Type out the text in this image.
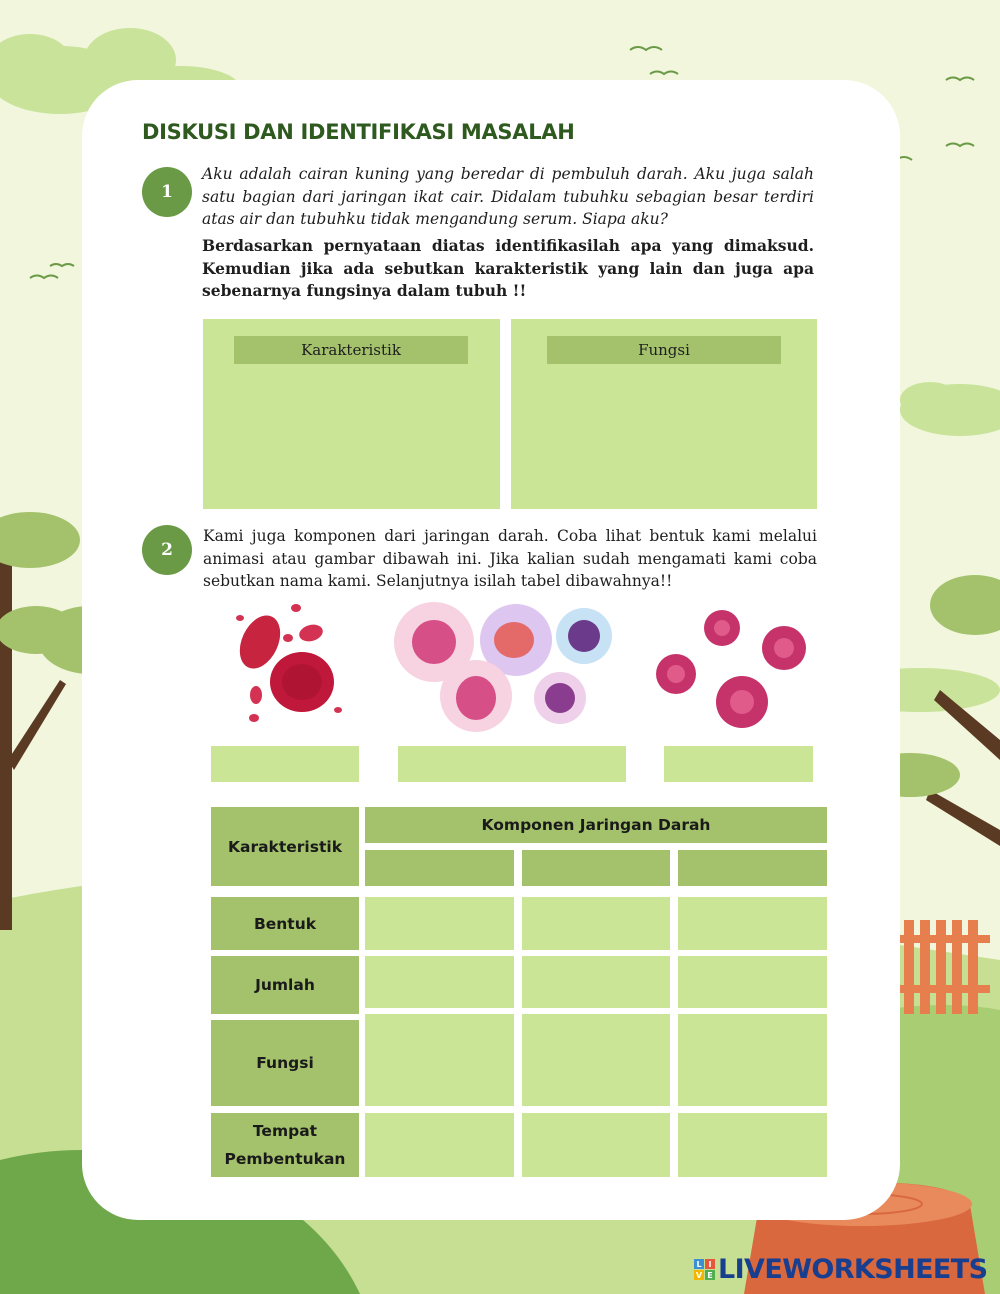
DISKUSI DAN IDENTIFIKASI MASALAH
1

Aku adalah cairan kuning yang beredar di pembuluh darah. Aku juga salah satu bagian dari jaringan ikat cair. Didalam tubuhku sebagian besar terdiri atas air dan tubuhku tidak mengandung serum. Siapa aku?

Berdasarkan pernyataan diatas identifikasilah apa yang dimaksud. Kemudian jika ada sebutkan karakteristik yang lain dan juga apa sebenarnya fungsinya dalam tubuh !!

Karakteristik	Fungsi
2

Kami juga komponen dari jaringan darah. Coba lihat bentuk kami melalui animasi atau gambar dibawah ini. Jika kalian sudah mengamati kami coba sebutkan nama kami. Selanjutnya isilah tabel dibawahnya!!

Karakteristik
Komponen Jaringan Darah
Bentuk
Jumlah
Fungsi
Tempat Pembentukan
L I
V E LIVEWORKSHEETS
